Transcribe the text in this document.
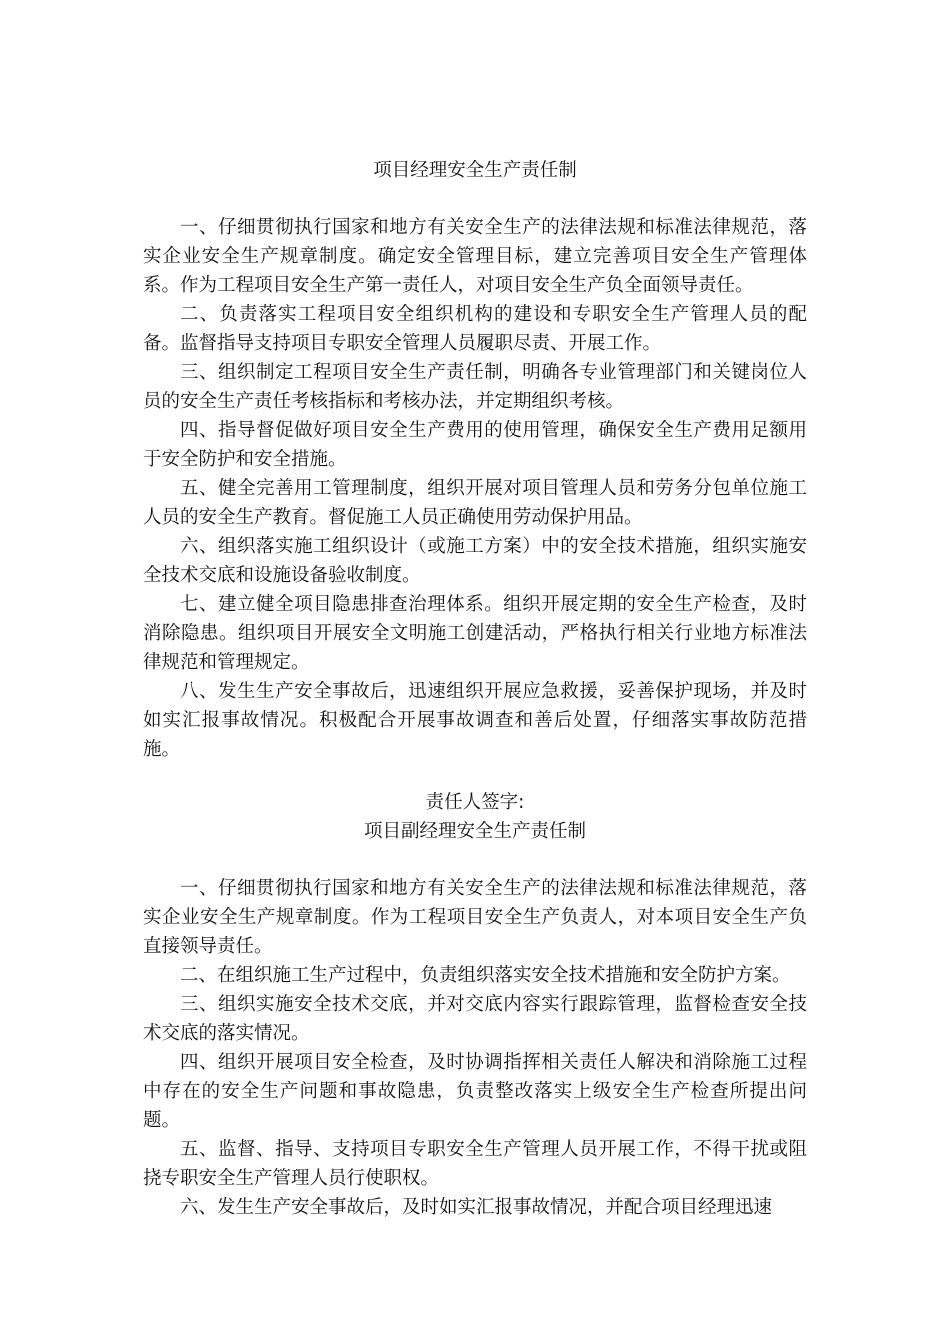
项目经理安全生产责任制

一、仔细贯彻执行国家和地方有关安全生产的法律法规和标准法律规范，落实企业安全生产规章制度。确定安全管理目标，建立完善项目安全生产管理体系。作为工程项目安全生产第一责任人，对项目安全生产负全面领导责任。

二、负责落实工程项目安全组织机构的建设和专职安全生产管理人员的配备。监督指导支持项目专职安全管理人员履职尽责、开展工作。

三、组织制定工程项目安全生产责任制，明确各专业管理部门和关键岗位人员的安全生产责任考核指标和考核办法，并定期组织考核。

四、指导督促做好项目安全生产费用的使用管理，确保安全生产费用足额用于安全防护和安全措施。

五、健全完善用工管理制度，组织开展对项目管理人员和劳务分包单位施工人员的安全生产教育。督促施工人员正确使用劳动保护用品。

六、组织落实施工组织设计（或施工方案）中的安全技术措施，组织实施安全技术交底和设施设备验收制度。

七、建立健全项目隐患排查治理体系。组织开展定期的安全生产检查，及时消除隐患。组织项目开展安全文明施工创建活动，严格执行相关行业地方标准法律规范和管理规定。

八、发生生产安全事故后，迅速组织开展应急救援，妥善保护现场，并及时如实汇报事故情况。积极配合开展事故调查和善后处置，仔细落实事故防范措施。

责任人签字:

项目副经理安全生产责任制

一、仔细贯彻执行国家和地方有关安全生产的法律法规和标准法律规范，落实企业安全生产规章制度。作为工程项目安全生产负责人，对本项目安全生产负直接领导责任。

二、在组织施工生产过程中，负责组织落实安全技术措施和安全防护方案。

三、组织实施安全技术交底，并对交底内容实行跟踪管理，监督检查安全技术交底的落实情况。

四、组织开展项目安全检查，及时协调指挥相关责任人解决和消除施工过程中存在的安全生产问题和事故隐患，负责整改落实上级安全生产检查所提出问题。

五、监督、指导、支持项目专职安全生产管理人员开展工作，不得干扰或阻挠专职安全生产管理人员行使职权。

六、发生生产安全事故后，及时如实汇报事故情况，并配合项目经理迅速
